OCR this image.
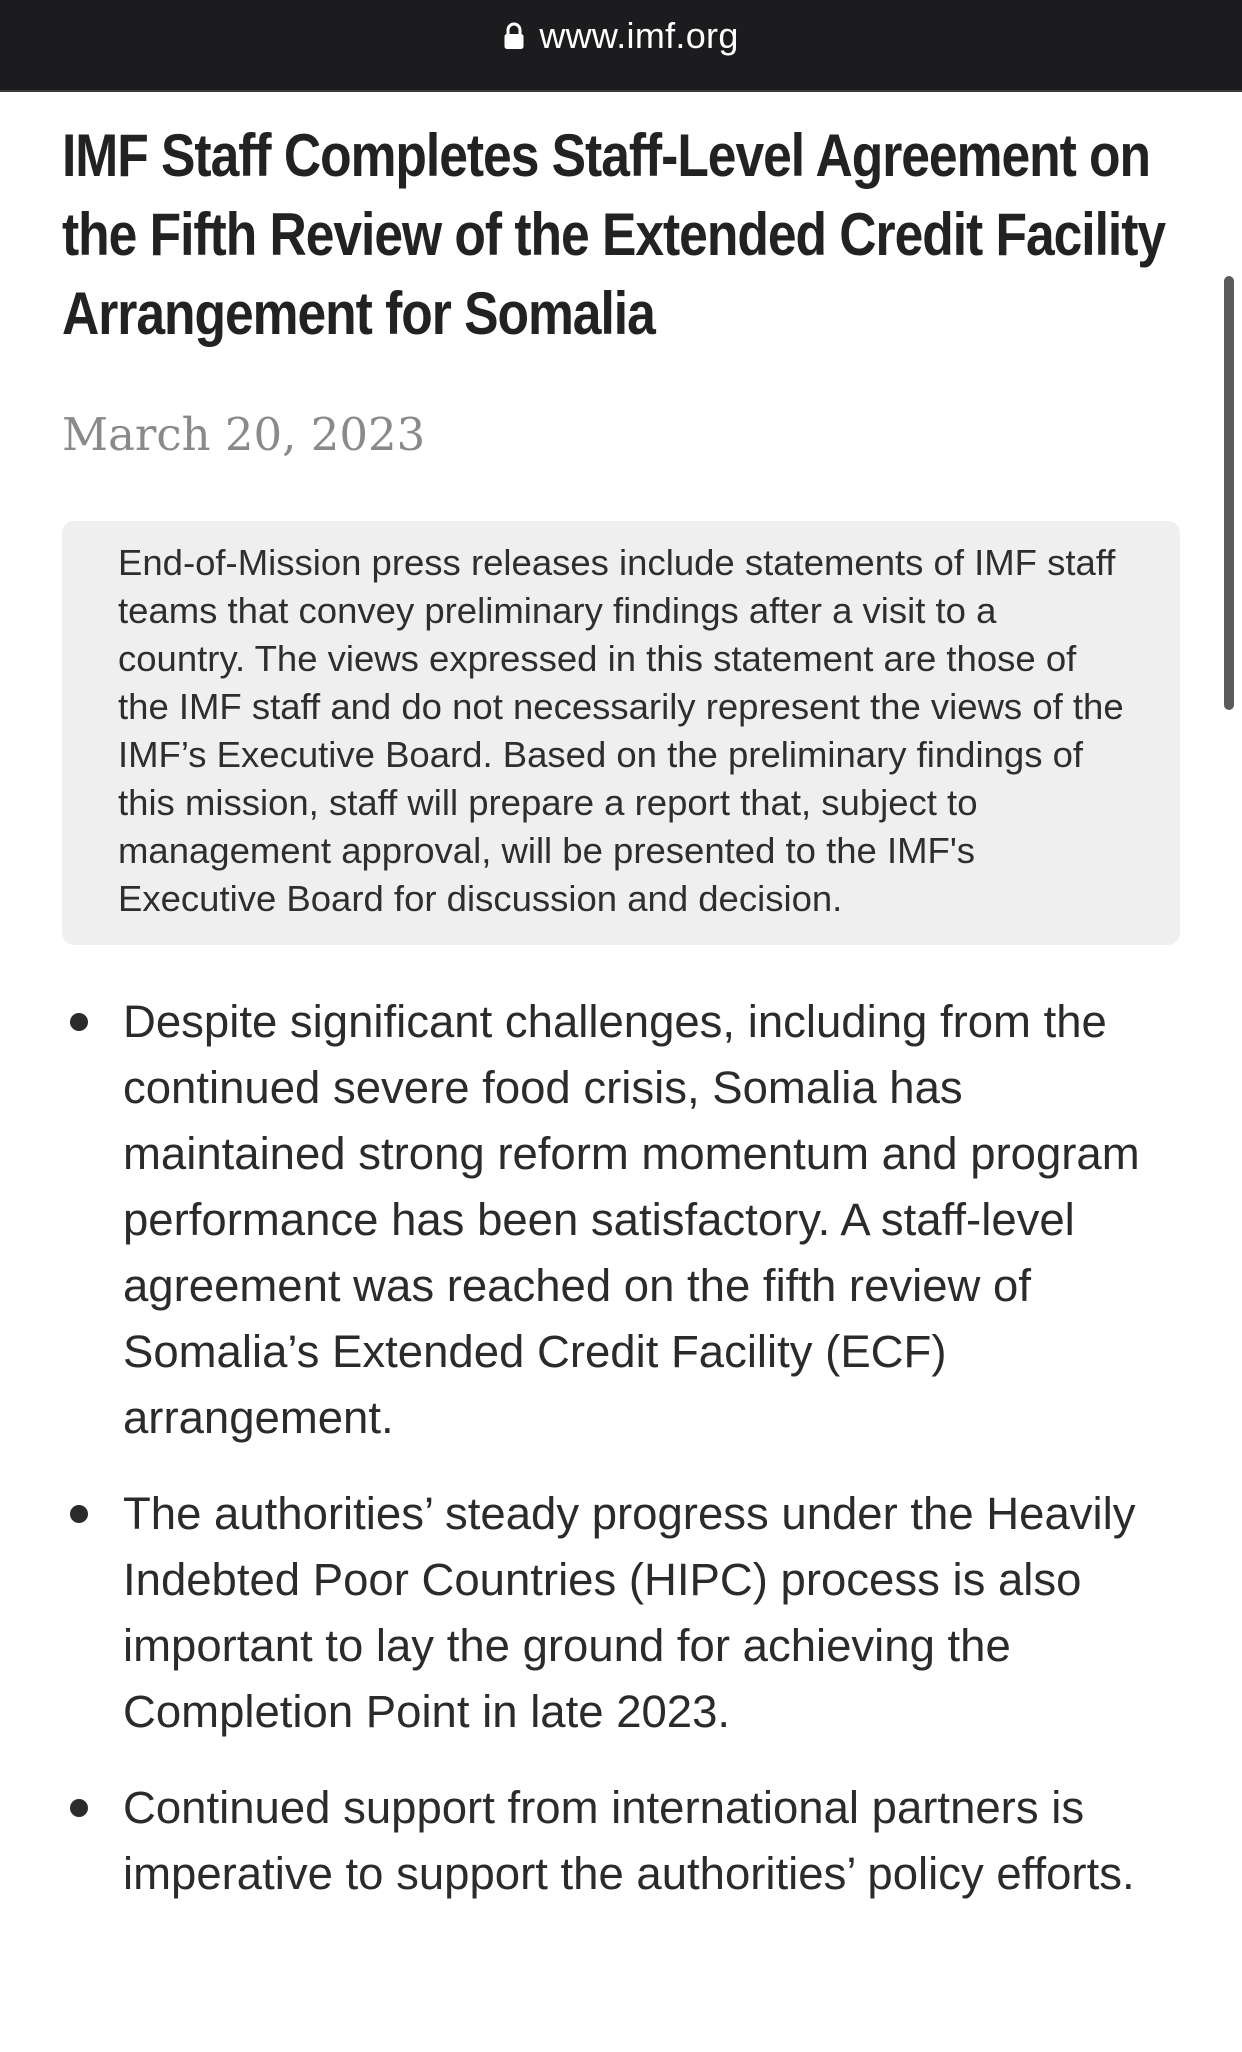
www.imf.org
IMF Staff Completes Staff-Level Agreement on the Fifth Review of the Extended Credit Facility Arrangement for Somalia
March 20, 2023
End-of-Mission press releases include statements of IMF staff teams that convey preliminary findings after a visit to a country. The views expressed in this statement are those of the IMF staff and do not necessarily represent the views of the IMF’s Executive Board. Based on the preliminary findings of this mission, staff will prepare a report that, subject to management approval, will be presented to the IMF's Executive Board for discussion and decision.
Despite significant challenges, including from the continued severe food crisis, Somalia has maintained strong reform momentum and program performance has been satisfactory. A staff-level agreement was reached on the fifth review of Somalia’s Extended Credit Facility (ECF) arrangement.
The authorities’ steady progress under the Heavily Indebted Poor Countries (HIPC) process is also important to lay the ground for achieving the Completion Point in late 2023.
Continued support from international partners is imperative to support the authorities’ policy efforts.
